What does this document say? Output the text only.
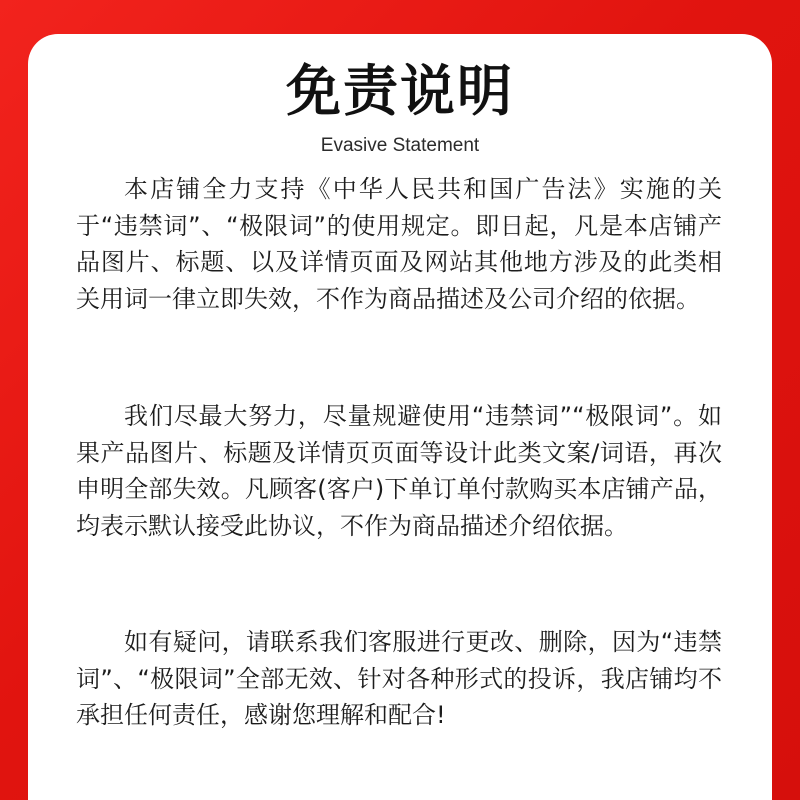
免责说明
Evasive Statement

本店铺全力支持《中华人民共和国广告法》实施的关于“违禁词”、“极限词”的使用规定。即日起，凡是本店铺产品图片、标题、以及详情页面及网站其他地方涉及的此类相关用词一律立即失效，不作为商品描述及公司介绍的依据。

我们尽最大努力，尽量规避使用“违禁词”“极限词”。如果产品图片、标题及详情页页面等设计此类文案/词语，再次申明全部失效。凡顾客(客户)下单订单付款购买本店铺产品，均表示默认接受此协议，不作为商品描述介绍依据。

如有疑问，请联系我们客服进行更改、删除，因为“违禁词”、“极限词”全部无效、针对各种形式的投诉，我店铺均不承担任何责任，感谢您理解和配合!
